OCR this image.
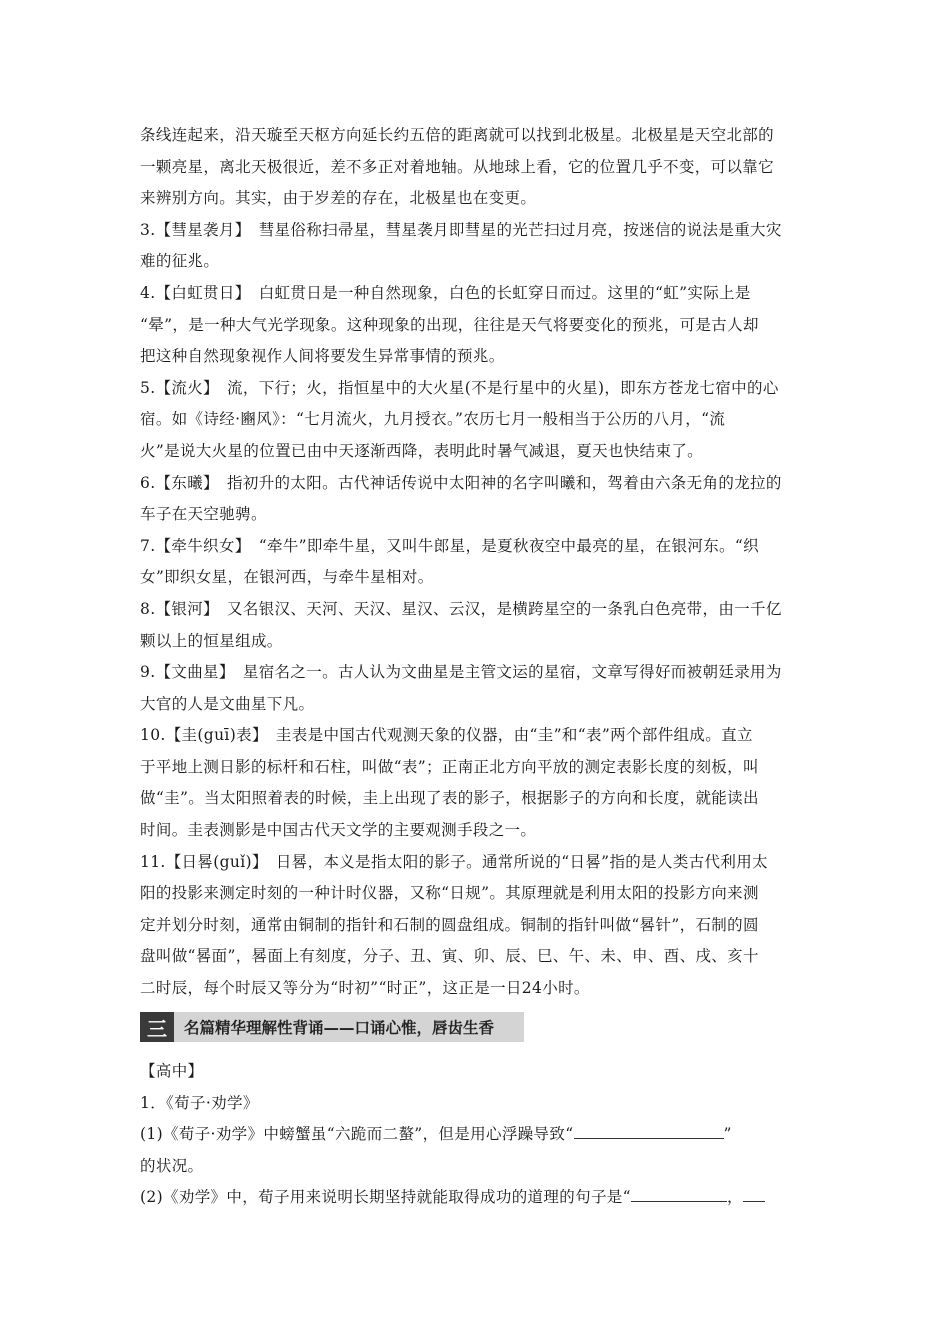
条线连起来，沿天璇至天枢方向延长约五倍的距离就可以找到北极星。北极星是天空北部的
一颗亮星，离北天极很近，差不多正对着地轴。从地球上看，它的位置几乎不变，可以靠它
来辨别方向。其实，由于岁差的存在，北极星也在变更。
3.【彗星袭月】　彗星俗称扫帚星，彗星袭月即彗星的光芒扫过月亮，按迷信的说法是重大灾
难的征兆。
4.【白虹贯日】　白虹贯日是一种自然现象，白色的长虹穿日而过。这里的“虹”实际上是
“晕”，是一种大气光学现象。这种现象的出现，往往是天气将要变化的预兆，可是古人却
把这种自然现象视作人间将要发生异常事情的预兆。
5.【流火】　流，下行；火，指恒星中的大火星(不是行星中的火星)，即东方苍龙七宿中的心
宿。如《诗经·豳风》：“七月流火，九月授衣。”农历七月一般相当于公历的八月，“流
火”是说大火星的位置已由中天逐渐西降，表明此时暑气减退，夏天也快结束了。
6.【东曦】　指初升的太阳。古代神话传说中太阳神的名字叫曦和，驾着由六条无角的龙拉的
车子在天空驰骋。
7.【牵牛织女】　“牵牛”即牵牛星，又叫牛郎星，是夏秋夜空中最亮的星，在银河东。“织
女”即织女星，在银河西，与牵牛星相对。
8.【银河】　又名银汉、天河、天汉、星汉、云汉，是横跨星空的一条乳白色亮带，由一千亿
颗以上的恒星组成。
9.【文曲星】　星宿名之一。古人认为文曲星是主管文运的星宿，文章写得好而被朝廷录用为
大官的人是文曲星下凡。
10.【圭(guī)表】　圭表是中国古代观测天象的仪器，由“圭”和“表”两个部件组成。直立
于平地上测日影的标杆和石柱，叫做“表”；正南正北方向平放的测定表影长度的刻板，叫
做“圭”。当太阳照着表的时候，圭上出现了表的影子，根据影子的方向和长度，就能读出
时间。圭表测影是中国古代天文学的主要观测手段之一。
11.【日晷(guǐ)】　日晷，本义是指太阳的影子。通常所说的“日晷”指的是人类古代利用太
阳的投影来测定时刻的一种计时仪器，又称“日规”。其原理就是利用太阳的投影方向来测
定并划分时刻，通常由铜制的指针和石制的圆盘组成。铜制的指针叫做“晷针”，石制的圆
盘叫做“晷面”，晷面上有刻度，分子、丑、寅、卯、辰、巳、午、未、申、酉、戌、亥十
二时辰，每个时辰又等分为“时初”“时正”，这正是一日24小时。
三	名篇精华理解性背诵——口诵心惟，唇齿生香
【高中】
1．《荀子·劝学》
(1)《荀子·劝学》中螃蟹虽“六跪而二螯”，但是用心浮躁导致“	”
的状况。
(2)《劝学》中，荀子用来说明长期坚持就能取得成功的道理的句子是“	，
